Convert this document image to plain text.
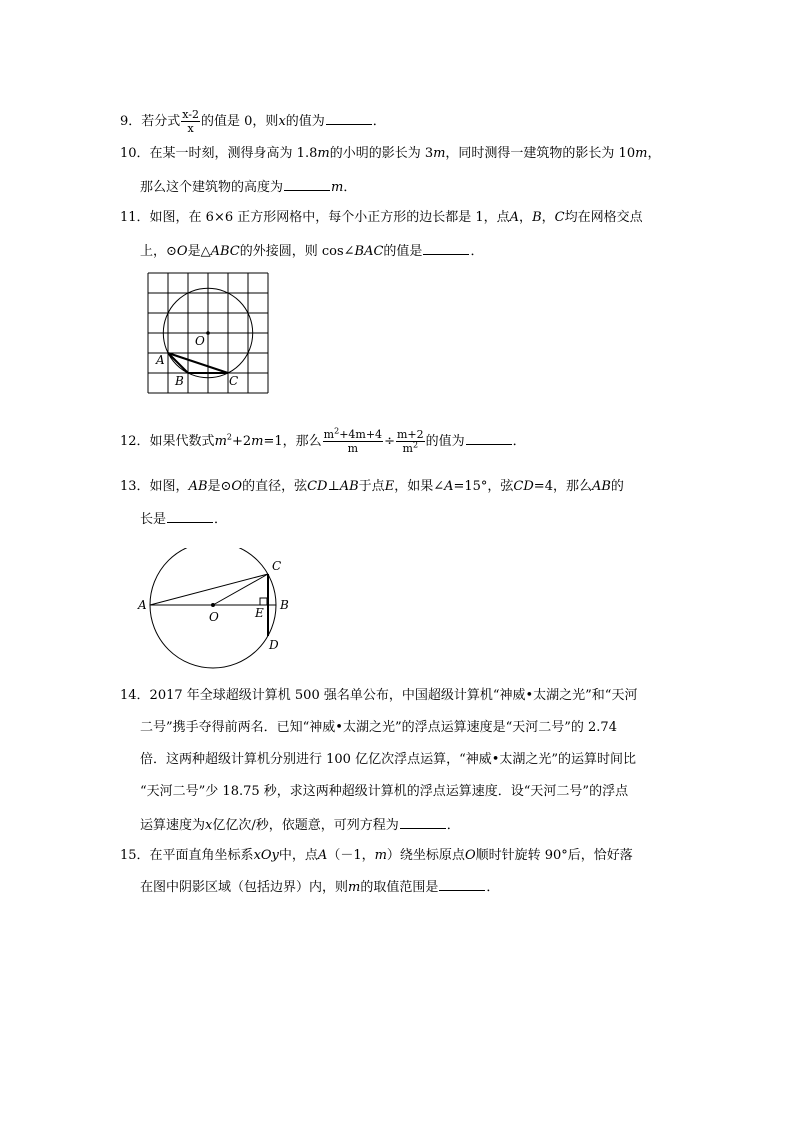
9．若分式 $\frac{x-2}{x}$ 的值是 0，则x的值为	．
10．在某一时刻，测得身高为 1.8m的小明的影长为 3m，同时测得一建筑物的影长为 10m，
那么这个建筑物的高度为	m．
11．如图，在 6×6 正方形网格中，每个小正方形的边长都是 1，点A，B，C均在网格交点
上，⊙O是△ABC的外接圆，则 cos∠BAC的值是	．
O
A
B	C
12．如果代数式$m^2+2m=1$，那么 $\frac{m^2+4m+4}{m} \div \frac{m+2}{m^2}$ 的值为	．
13．如图，AB是⊙O的直径，弦CD⊥AB于点E，如果∠A=15°，弦CD=4，那么AB的
长是	．
A
O	E
B
C
D
14．2017 年全球超级计算机 500 强名单公布，中国超级计算机“神威•太湖之光”和“天河
二号”携手夺得前两名．已知“神威•太湖之光”的浮点运算速度是“天河二号”的 2.74
倍．这两种超级计算机分别进行 100 亿亿次浮点运算，“神威•太湖之光”的运算时间比
“天河二号”少 18.75 秒，求这两种超级计算机的浮点运算速度．设“天河二号”的浮点
运算速度为x亿亿次/秒，依题意，可列方程为	．
15．在平面直角坐标系xOy中，点A（－1，m）绕坐标原点O顺时针旋转 90°后，恰好落
在图中阴影区域（包括边界）内，则m的取值范围是	．
